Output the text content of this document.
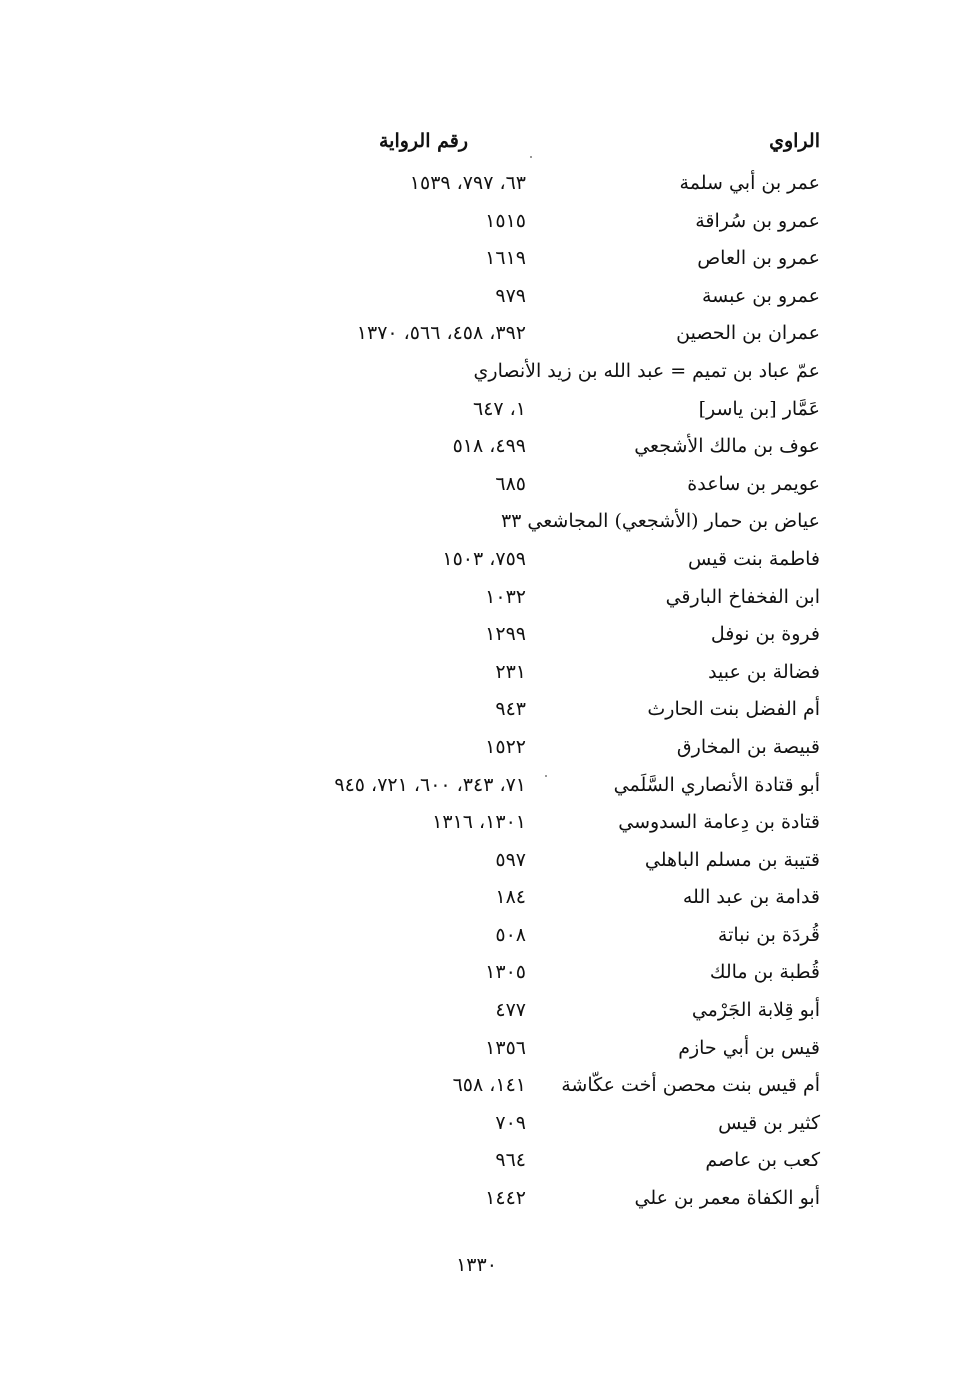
الراوي
رقم الرواية
عمر بن أبي سلمة
٦٣، ٧٩٧، ١٥٣٩
عمرو بن سُراقة
١٥١٥
عمرو بن العاص
١٦١٩
عمرو بن عبسة
٩٧٩
عمران بن الحصين
٣٩٢، ٤٥٨، ٥٦٦، ١٣٧٠
عمّ عباد بن تميم = عبد الله بن زيد الأنصاري
عَمَّار [بن ياسر]
١، ٦٤٧
عوف بن مالك الأشجعي
٤٩٩، ٥١٨
عويمر بن ساعدة
٦٨٥
عياض بن حمار (الأشجعي) المجاشعي ٣٣
فاطمة بنت قيس
٧٥٩، ١٥٠٣
ابن الفخفاخ البارقي
١٠٣٢
فروة بن نوفل
١٢٩٩
فضالة بن عبيد
٢٣١
أم الفضل بنت الحارث
٩٤٣
قبيصة بن المخارق
١٥٢٢
أبو قتادة الأنصاري السَّلَمي
٧١، ٣٤٣، ٦٠٠، ٧٢١، ٩٤٥
قتادة بن دِعامة السدوسي
١٣٠١، ١٣١٦
قتيبة بن مسلم الباهلي
٥٩٧
قدامة بن عبد الله
١٨٤
قُردَة بن نباتة
٥٠٨
قُطبة بن مالك
١٣٠٥
أبو قِلابة الجَرْمي
٤٧٧
قيس بن أبي حازم
١٣٥٦
أم قيس بنت محصن أخت عكّاشة
١٤١، ٦٥٨
كثير بن قيس
٧٠٩
كعب بن عاصم
٩٦٤
أبو الكفاة معمر بن علي
١٤٤٢
١٣٣٠
